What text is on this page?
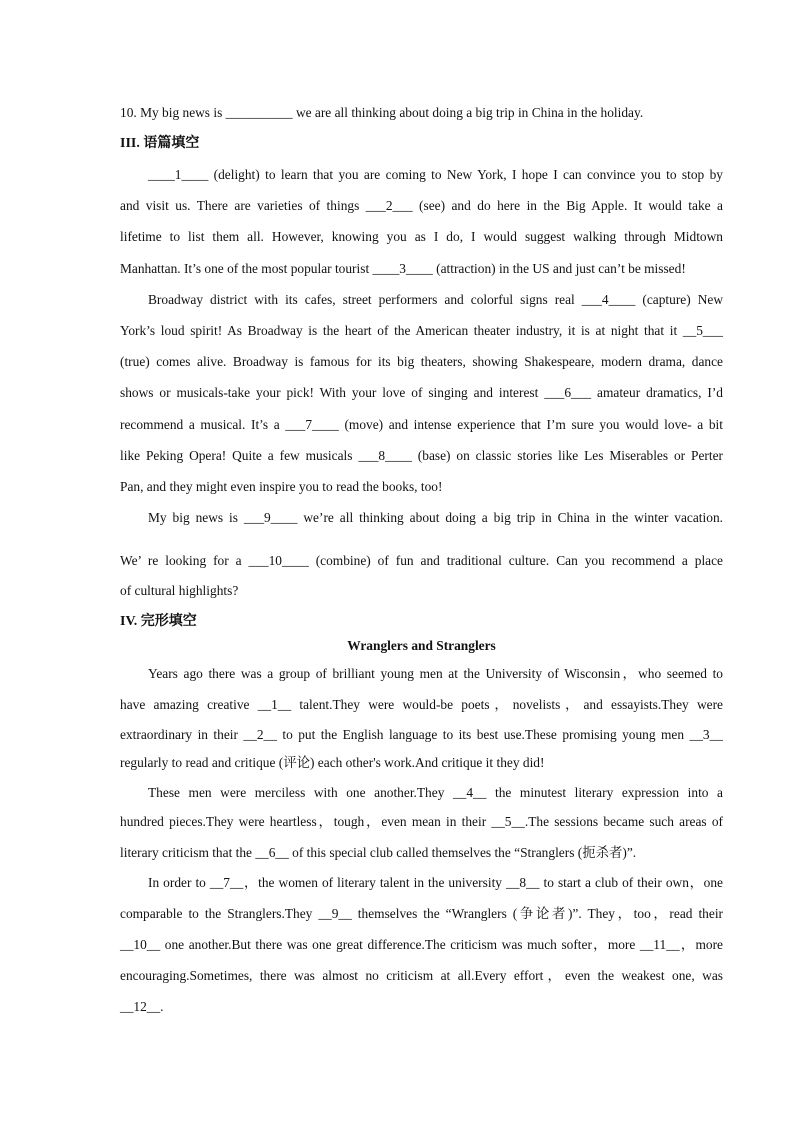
10. My big news is __________ we are all thinking about doing a big trip in China in the holiday.
III. 语篇填空
____1____ (delight) to learn that you are coming to New York, I hope I can convince you to stop by
and visit us. There are varieties of things ___2___ (see) and do here in the Big Apple. It would take a
lifetime to list them all. However, knowing you as I do, I would suggest walking through Midtown
Manhattan. It’s one of the most popular tourist ____3____ (attraction) in the US and just can’t be missed!
Broadway district with its cafes, street performers and colorful signs real ___4____ (capture) New
York’s loud spirit! As Broadway is the heart of the American theater industry, it is at night that it __5___
(true) comes alive. Broadway is famous for its big theaters, showing Shakespeare, modern drama, dance
shows or musicals-take your pick! With your love of singing and interest ___6___ amateur dramatics, I’d
recommend a musical. It’s a ___7____ (move) and intense experience that I’m sure you would love- a bit
like Peking Opera! Quite a few musicals ___8____ (base) on classic stories like Les Miserables or Perter
Pan, and they might even inspire you to read the books, too!
My big news is ___9____ we’re all thinking about doing a big trip in China in the winter vacation.
We’ re looking for a ___10____ (combine) of fun and traditional culture. Can you recommend a place
of cultural highlights?
IV. 完形填空
Wranglers and Stranglers
Years ago there was a group of brilliant young men at the University of Wisconsin，who seemed to
have amazing creative __1__ talent.They were would-be poets，novelists，and essayists.They were
extraordinary in their __2__ to put the English language to its best use.These promising young men __3__
regularly to read and critique (评论) each other's work.And critique it they did!
These men were merciless with one another.They __4__ the minutest literary expression into a
hundred pieces.They were heartless，tough，even mean in their __5__.The sessions became such areas of
literary criticism that the __6__ of this special club called themselves the “Stranglers (扼杀者)”.
In order to __7__，the women of literary talent in the university __8__ to start a club of their own，one
comparable to the Stranglers.They __9__ themselves the “Wranglers (争论者)”. They，too，read their
__10__ one another.But there was one great difference.The criticism was much softer，more __11__，more
encouraging.Sometimes, there was almost no criticism at all.Every effort，even the weakest one, was
__12__.
